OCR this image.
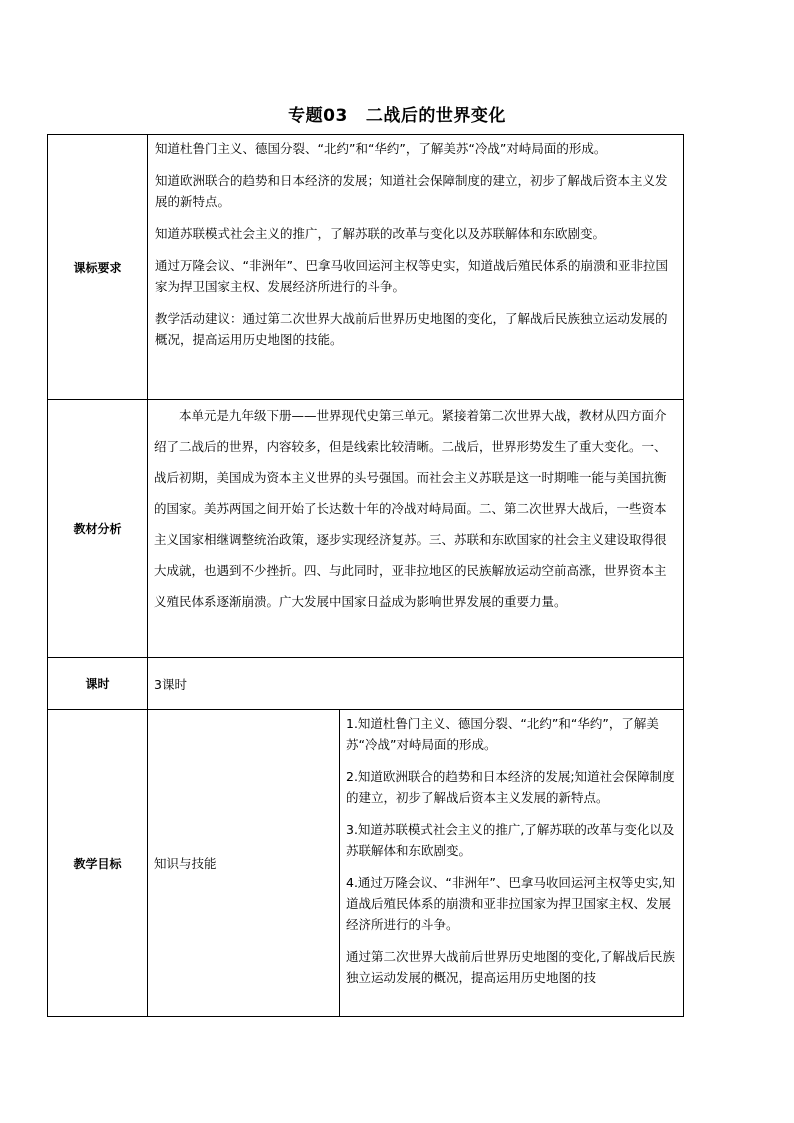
专题03 二战后的世界变化
课标要求	知道杜鲁门主义、德国分裂、“北约”和“华约”，了解美苏“冷战”对峙局面的形成。

知道欧洲联合的趋势和日本经济的发展；知道社会保障制度的建立，初步了解战后资本主义发展的新特点。

知道苏联模式社会主义的推广，了解苏联的改革与变化以及苏联解体和东欧剧变。

通过万隆会议、“非洲年”、巴拿马收回运河主权等史实，知道战后殖民体系的崩溃和亚非拉国家为捍卫国家主权、发展经济所进行的斗争。

教学活动建议：通过第二次世界大战前后世界历史地图的变化，了解战后民族独立运动发展的概况，提高运用历史地图的技能。	

教材分析	本单元是九年级下册——世界现代史第三单元。紧接着第二次世界大战，教材从四方面介绍了二战后的世界，内容较多，但是线索比较清晰。二战后，世界形势发生了重大变化。一、战后初期，美国成为资本主义世界的头号强国。而社会主义苏联是这一时期唯一能与美国抗衡的国家。美苏两国之间开始了长达数十年的冷战对峙局面。二、第二次世界大战后，一些资本主义国家相继调整统治政策，逐步实现经济复苏。三、苏联和东欧国家的社会主义建设取得很大成就，也遇到不少挫折。四、与此同时，亚非拉地区的民族解放运动空前高涨，世界资本主义殖民体系逐渐崩溃。广大发展中国家日益成为影响世界发展的重要力量。	

课时	3课时	
教学目标	知识与技能	1.知道杜鲁门主义、德国分裂、“北约”和“华约”，了解美苏“冷战”对峙局面的形成。

2.知道欧洲联合的趋势和日本经济的发展;知道社会保障制度的建立，初步了解战后资本主义发展的新特点。

3.知道苏联模式社会主义的推广,了解苏联的改革与变化以及苏联解体和东欧剧变。

4.通过万隆会议、“非洲年”、巴拿马收回运河主权等史实,知道战后殖民体系的崩溃和亚非拉国家为捍卫国家主权、发展经济所进行的斗争。

通过第二次世界大战前后世界历史地图的变化,了解战后民族独立运动发展的概况，提高运用历史地图的技
